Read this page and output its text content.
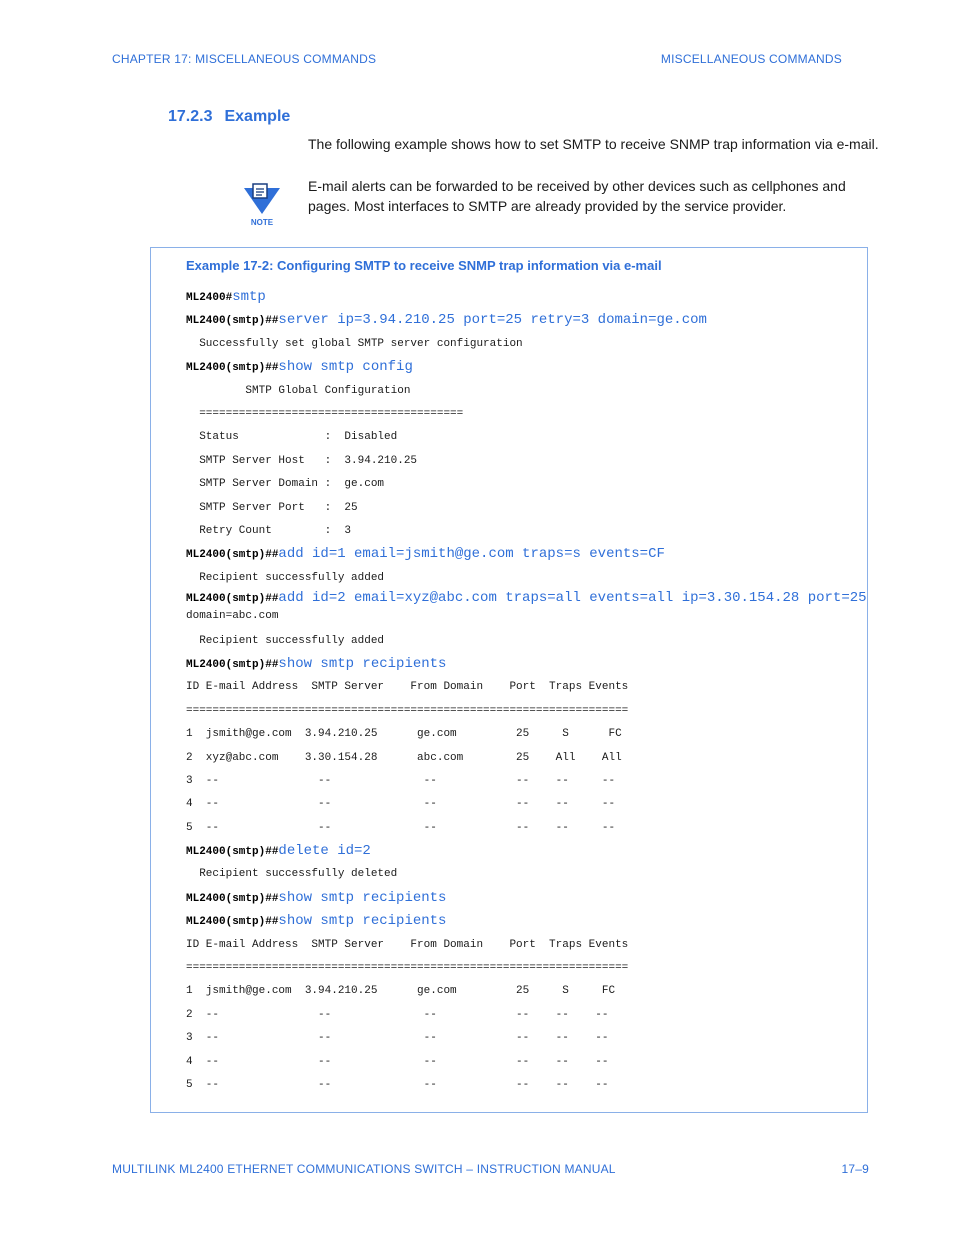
CHAPTER 17: MISCELLANEOUS COMMANDS	MISCELLANEOUS COMMANDS
17.2.3 Example
The following example shows how to set SMTP to receive SNMP trap information via e-mail.
NOTE
E-mail alerts can be forwarded to be received by other devices such as cellphones and pages. Most interfaces to SMTP are already provided by the service provider.
Example 17-2: Configuring SMTP to receive SNMP trap information via e-mail
ML2400#smtp
ML2400(smtp)##server ip=3.94.210.25 port=25 retry=3 domain=ge.com
Successfully set global SMTP server configuration
ML2400(smtp)##show smtp config
SMTP Global Configuration
========================================
Status             :  Disabled
SMTP Server Host   :  3.94.210.25
SMTP Server Domain :  ge.com
SMTP Server Port   :  25
Retry Count        :  3
ML2400(smtp)##add id=1 email=jsmith@ge.com traps=s events=CF
Recipient successfully added
ML2400(smtp)##add id=2 email=xyz@abc.com traps=all events=all ip=3.30.154.28 port=25
domain=abc.com
Recipient successfully added
ML2400(smtp)##show smtp recipients
ID E-mail Address  SMTP Server    From Domain    Port  Traps Events
===================================================================
1  jsmith@ge.com  3.94.210.25      ge.com         25     S      FC
2  xyz@abc.com    3.30.154.28      abc.com        25    All    All
3  --               --              --            --    --     --
4  --               --              --            --    --     --
5  --               --              --            --    --     --
ML2400(smtp)##delete id=2
Recipient successfully deleted
ML2400(smtp)##show smtp recipients
ML2400(smtp)##show smtp recipients
ID E-mail Address  SMTP Server    From Domain    Port  Traps Events
===================================================================
1  jsmith@ge.com  3.94.210.25      ge.com         25     S     FC
2  --               --              --            --    --    --
3  --               --              --            --    --    --
4  --               --              --            --    --    --
5  --               --              --            --    --    --
MULTILINK ML2400 ETHERNET COMMUNICATIONS SWITCH – INSTRUCTION MANUAL	17–9
